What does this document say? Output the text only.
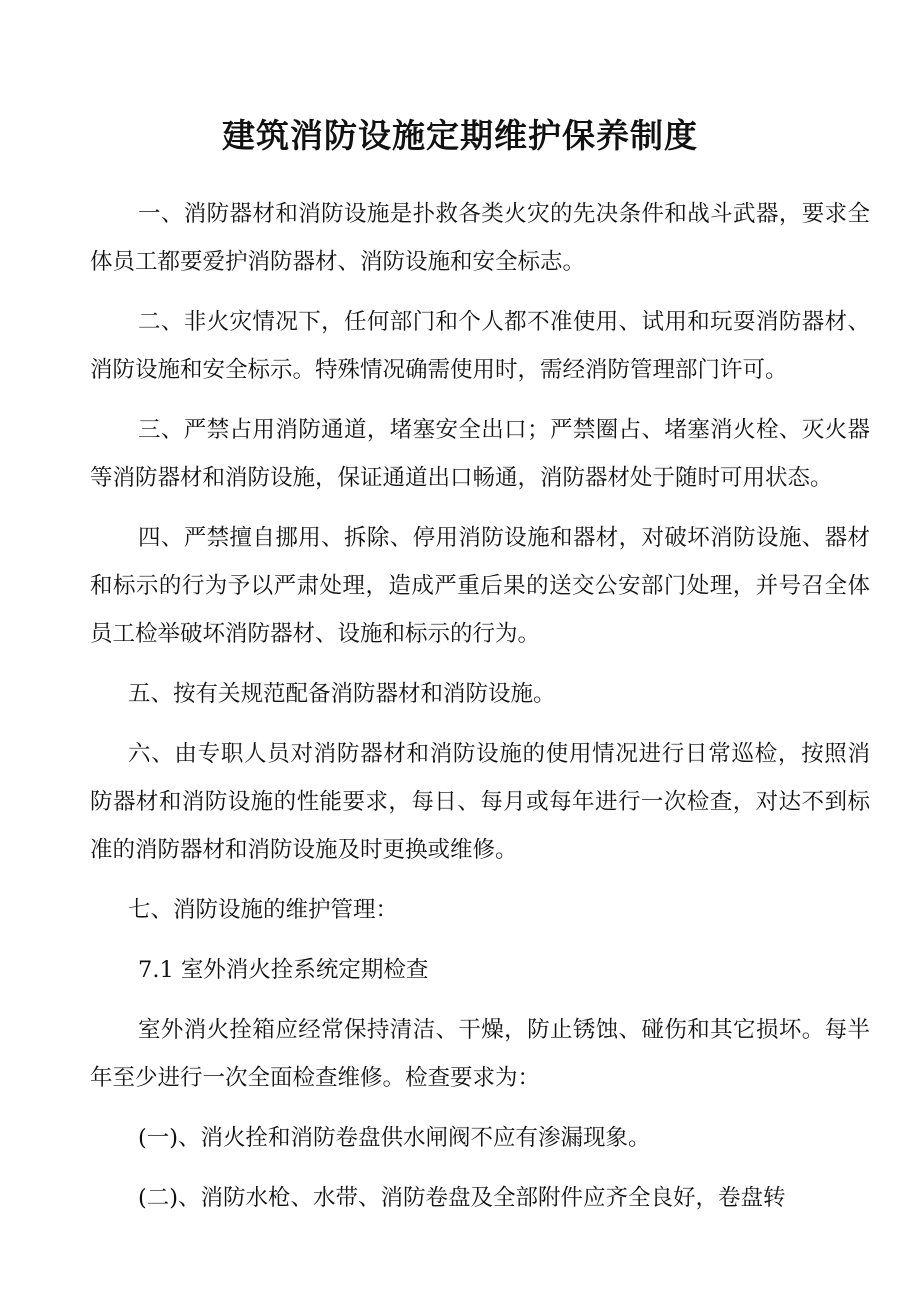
建筑消防设施定期维护保养制度

一、消防器材和消防设施是扑救各类火灾的先决条件和战斗武器，要求全体员工都要爱护消防器材、消防设施和安全标志。

二、非火灾情况下，任何部门和个人都不准使用、试用和玩耍消防器材、消防设施和安全标示。特殊情况确需使用时，需经消防管理部门许可。

三、严禁占用消防通道，堵塞安全出口；严禁圈占、堵塞消火栓、灭火器等消防器材和消防设施，保证通道出口畅通，消防器材处于随时可用状态。

四、严禁擅自挪用、拆除、停用消防设施和器材，对破坏消防设施、器材和标示的行为予以严肃处理，造成严重后果的送交公安部门处理，并号召全体员工检举破坏消防器材、设施和标示的行为。

五、按有关规范配备消防器材和消防设施。

六、由专职人员对消防器材和消防设施的使用情况进行日常巡检，按照消防器材和消防设施的性能要求，每日、每月或每年进行一次检查，对达不到标准的消防器材和消防设施及时更换或维修。

七、消防设施的维护管理：

7.1 室外消火拴系统定期检查

室外消火拴箱应经常保持清洁、干燥，防止锈蚀、碰伤和其它损坏。每半年至少进行一次全面检查维修。检查要求为：

(一)、消火拴和消防卷盘供水闸阀不应有渗漏现象。

(二)、消防水枪、水带、消防卷盘及全部附件应齐全良好，卷盘转
